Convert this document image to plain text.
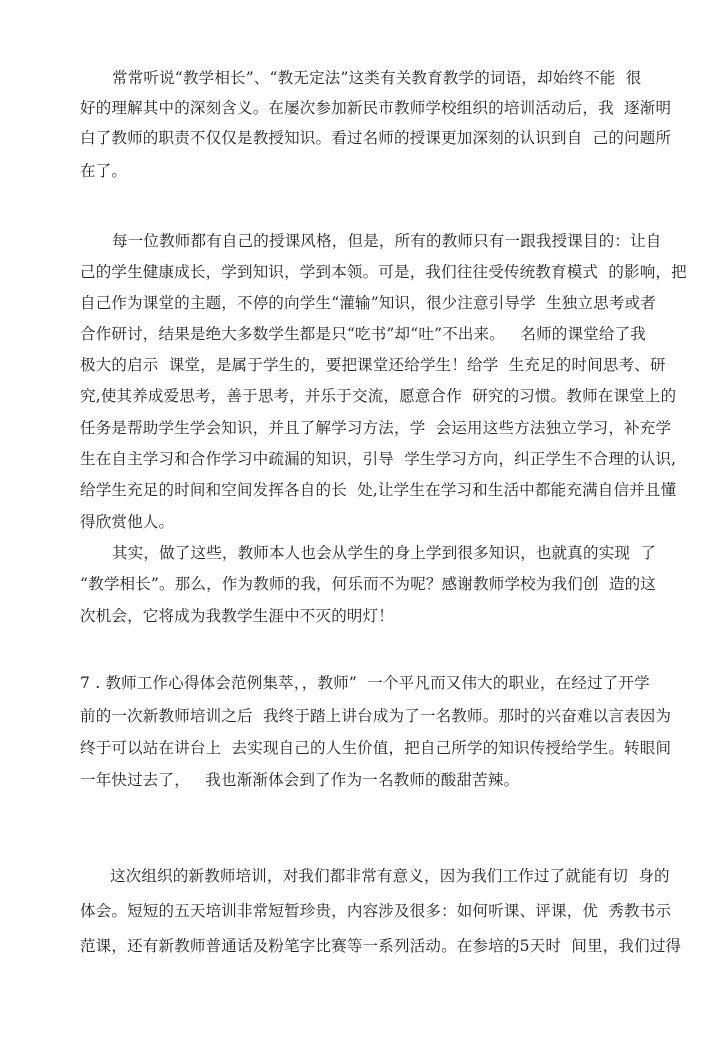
常常听说“教学相长”、“教无定法”这类有关教育教学的词语，却始终不能  很
好的理解其中的深刻含义。在屡次参加新民市教师学校组织的培训活动后，我  逐渐明
白了教师的职责不仅仅是教授知识。看过名师的授课更加深刻的认识到自  己的问题所
在了。
每一位教师都有自己的授课风格，但是，所有的教师只有一跟我授课目的：让自
己的学生健康成长，学到知识，学到本领。可是，我们往往受传统教育模式  的影响，把
自己作为课堂的主题，不停的向学生“灌输”知识，很少注意引导学  生独立思考或者
合作研讨，结果是绝大多数学生都是只“吃书”却“吐”不出来。   名师的课堂给了我
极大的启示  课堂，是属于学生的，要把课堂还给学生！给学  生充足的时间思考、研
究,使其养成爱思考，善于思考，并乐于交流，愿意合作  研究的习惯。教师在课堂上的
任务是帮助学生学会知识，并且了解学习方法，学  会运用这些方法独立学习，补充学
生在自主学习和合作学习中疏漏的知识，引导  学生学习方向，纠正学生不合理的认识,
给学生充足的时间和空间发挥各自的长  处,让学生在学习和生活中都能充满自信并且懂
得欣赏他人。
其实，做了这些，教师本人也会从学生的身上学到很多知识，也就真的实现  了
“教学相长”。那么，作为教师的我，何乐而不为呢？感谢教师学校为我们创  造的这
次机会，它将成为我教学生涯中不灭的明灯！
7 . 教师工作心得体会范例集萃，，教师”  一个平凡而又伟大的职业，在经过了开学
前的一次新教师培训之后  我终于踏上讲台成为了一名教师。那时的兴奋难以言表因为
终于可以站在讲台上  去实现自己的人生价值，把自己所学的知识传授给学生。转眼间
一年快过去了，   我也渐渐体会到了作为一名教师的酸甜苦辣。
这次组织的新教师培训，对我们都非常有意义，因为我们工作过了就能有切  身的
体会。短短的五天培训非常短暂珍贵，内容涉及很多：如何听课、评课，优  秀教书示
范课，还有新教师普通话及粉笔字比赛等一系列活动。在参培的5天时  间里，我们过得
